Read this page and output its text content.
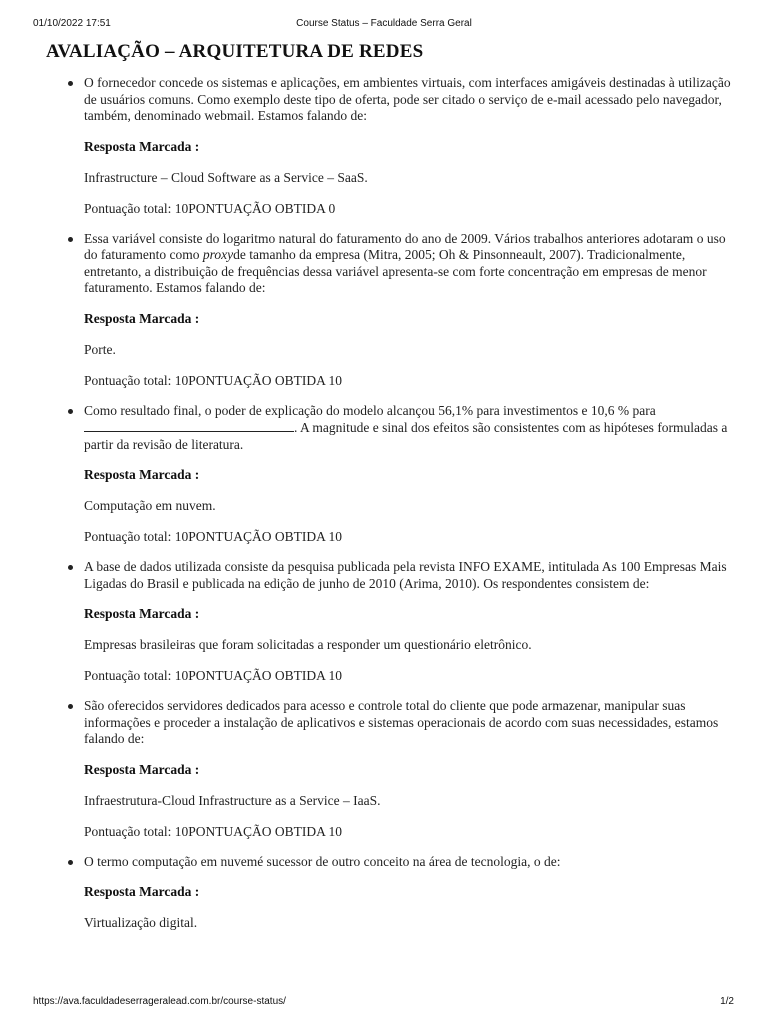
01/10/2022 17:51	Course Status – Faculdade Serra Geral
AVALIAÇÃO – ARQUITETURA DE REDES

O fornecedor concede os sistemas e aplicações, em ambientes virtuais, com interfaces amigáveis destinadas à utilização de usuários comuns. Como exemplo deste tipo de oferta, pode ser citado o serviço de e-mail acessado pelo navegador, também, denominado webmail. Estamos falando de:

Resposta Marcada :

Infrastructure – Cloud Software as a Service – SaaS.

Pontuação total: 10PONTUAÇÃO OBTIDA 0

Essa variável consiste do logaritmo natural do faturamento do ano de 2009. Vários trabalhos anteriores adotaram o uso do faturamento como proxyde tamanho da empresa (Mitra, 2005; Oh & Pinsonneault, 2007). Tradicionalmente, entretanto, a distribuição de frequências dessa variável apresenta-se com forte concentração em empresas de menor faturamento. Estamos falando de:

Resposta Marcada :

Porte.

Pontuação total: 10PONTUAÇÃO OBTIDA 10

Como resultado final, o poder de explicação do modelo alcançou 56,1% para investimentos e 10,6 % para . A magnitude e sinal dos efeitos são consistentes com as hipóteses formuladas a partir da revisão de literatura.

Resposta Marcada :

Computação em nuvem.

Pontuação total: 10PONTUAÇÃO OBTIDA 10

A base de dados utilizada consiste da pesquisa publicada pela revista INFO EXAME, intitulada As 100 Empresas Mais Ligadas do Brasil e publicada na edição de junho de 2010 (Arima, 2010). Os respondentes consistem de:

Resposta Marcada :

Empresas brasileiras que foram solicitadas a responder um questionário eletrônico.

Pontuação total: 10PONTUAÇÃO OBTIDA 10

São oferecidos servidores dedicados para acesso e controle total do cliente que pode armazenar, manipular suas informações e proceder a instalação de aplicativos e sistemas operacionais de acordo com suas necessidades, estamos falando de:

Resposta Marcada :

Infraestrutura-Cloud Infrastructure as a Service – IaaS.

Pontuação total: 10PONTUAÇÃO OBTIDA 10

O termo computação em nuvemé sucessor de outro conceito na área de tecnologia, o de:

Resposta Marcada :

Virtualização digital.

https://ava.faculdadeserrageralead.com.br/course-status/	1/2
